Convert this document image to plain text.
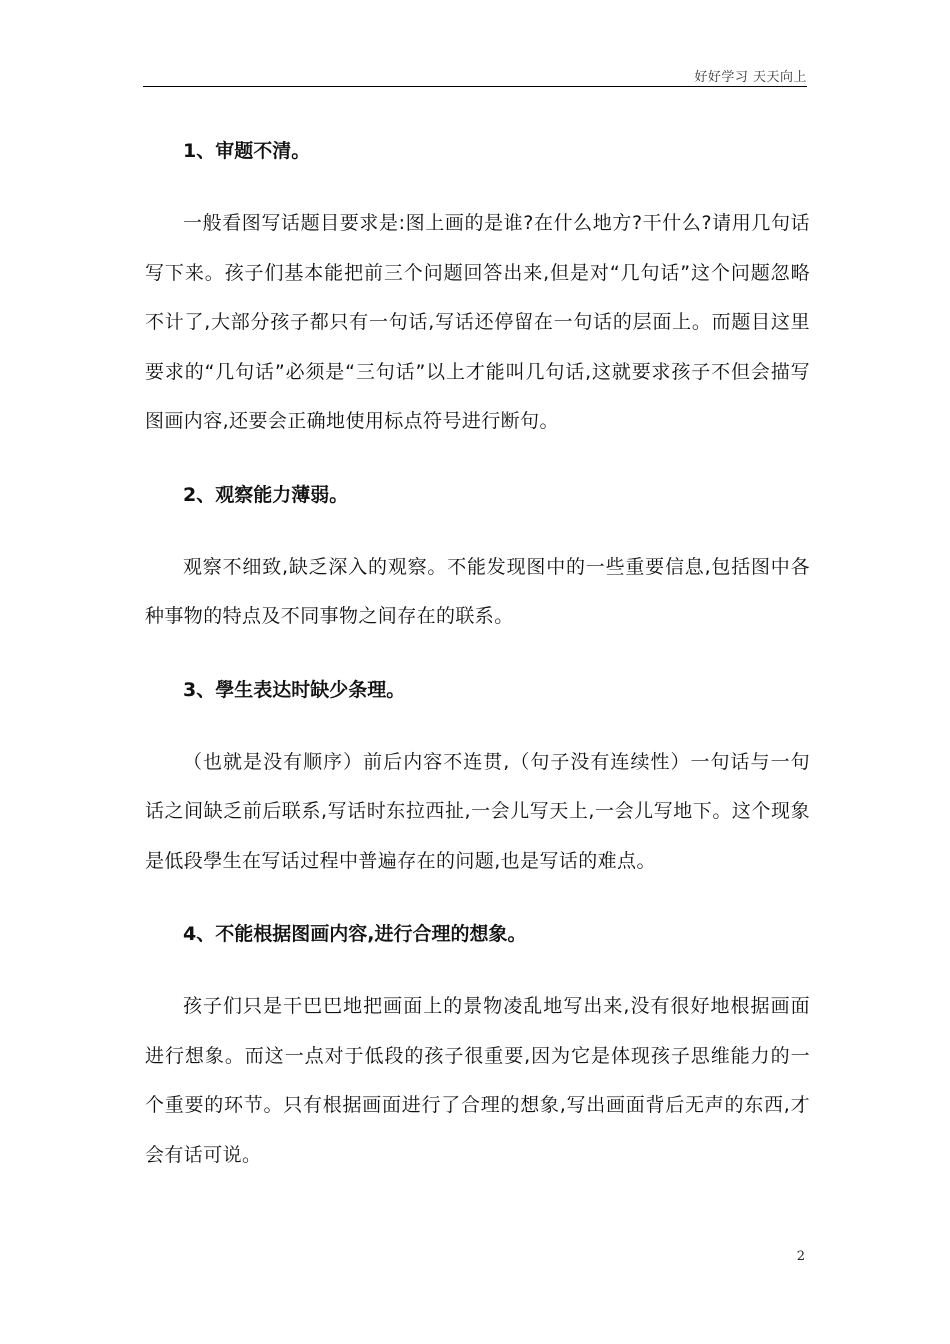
好好学习 天天向上
1、审题不清。

一般看图写话题目要求是:图上画的是谁?在什么地方?干什么?请用几句话写下来。孩子们基本能把前三个问题回答出来,但是对“几句话”这个问题忽略不计了,大部分孩子都只有一句话,写话还停留在一句话的层面上。而题目这里要求的“几句话”必须是“三句话”以上才能叫几句话,这就要求孩子不但会描写图画内容,还要会正确地使用标点符号进行断句。

2、观察能力薄弱。

观察不细致,缺乏深入的观察。不能发现图中的一些重要信息,包括图中各种事物的特点及不同事物之间存在的联系。

3、學生表达时缺少条理。

（也就是没有顺序）前后内容不连贯,（句子没有连续性）一句话与一句话之间缺乏前后联系,写话时东拉西扯,一会儿写天上,一会儿写地下。这个现象是低段學生在写话过程中普遍存在的问题,也是写话的难点。

4、不能根据图画内容,进行合理的想象。

孩子们只是干巴巴地把画面上的景物凌乱地写出来,没有很好地根据画面进行想象。而这一点对于低段的孩子很重要,因为它是体现孩子思维能力的一个重要的环节。只有根据画面进行了合理的想象,写出画面背后无声的东西,才会有话可说。

2
